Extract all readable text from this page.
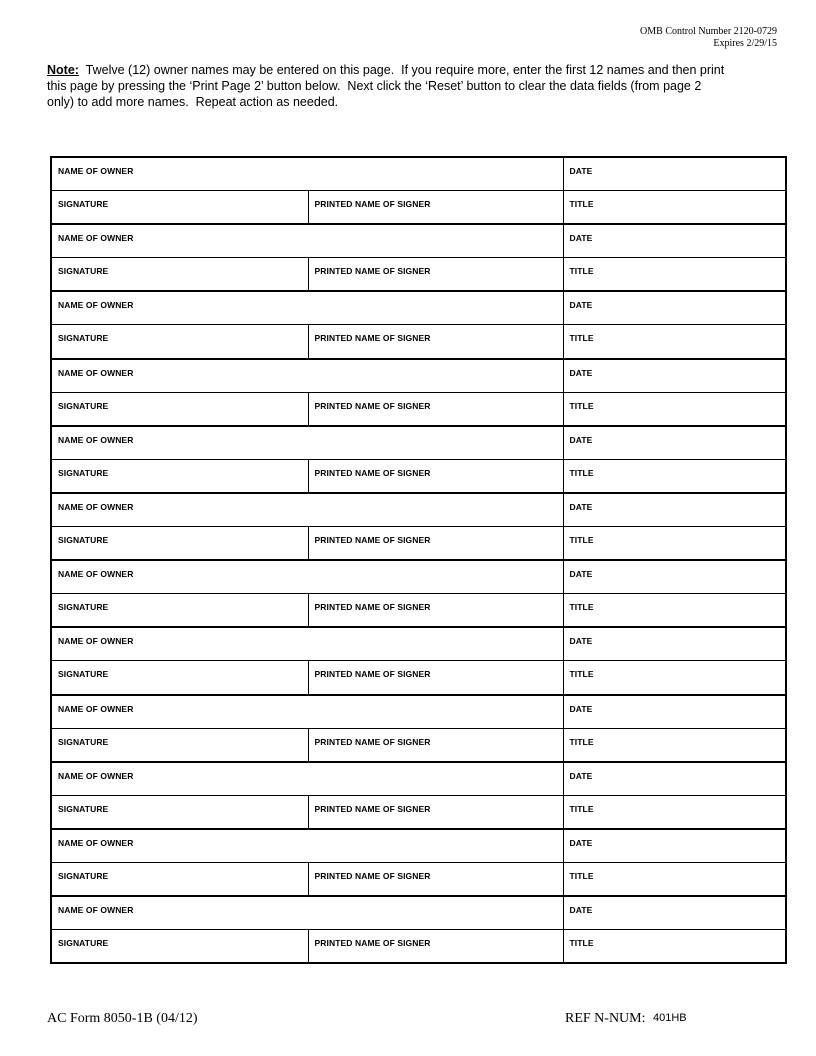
OMB Control Number 2120-0729
Expires 2/29/15
Note:  Twelve (12) owner names may be entered on this page.  If you require more, enter the first 12 names and then print
this page by pressing the ‘Print Page 2’ button below.  Next click the ‘Reset’ button to clear the data fields (from page 2
only) to add more names.  Repeat action as needed.
NAME OF OWNER		DATE
SIGNATURE	PRINTED NAME OF SIGNER	TITLE
NAME OF OWNER		DATE
SIGNATURE	PRINTED NAME OF SIGNER	TITLE
NAME OF OWNER		DATE
SIGNATURE	PRINTED NAME OF SIGNER	TITLE
NAME OF OWNER		DATE
SIGNATURE	PRINTED NAME OF SIGNER	TITLE
NAME OF OWNER		DATE
SIGNATURE	PRINTED NAME OF SIGNER	TITLE
NAME OF OWNER		DATE
SIGNATURE	PRINTED NAME OF SIGNER	TITLE
NAME OF OWNER		DATE
SIGNATURE	PRINTED NAME OF SIGNER	TITLE
NAME OF OWNER		DATE
SIGNATURE	PRINTED NAME OF SIGNER	TITLE
NAME OF OWNER		DATE
SIGNATURE	PRINTED NAME OF SIGNER	TITLE
NAME OF OWNER		DATE
SIGNATURE	PRINTED NAME OF SIGNER	TITLE
NAME OF OWNER		DATE
SIGNATURE	PRINTED NAME OF SIGNER	TITLE
NAME OF OWNER		DATE
SIGNATURE	PRINTED NAME OF SIGNER	TITLE
AC Form 8050-1B (04/12)	REF N-NUM: 401HB
